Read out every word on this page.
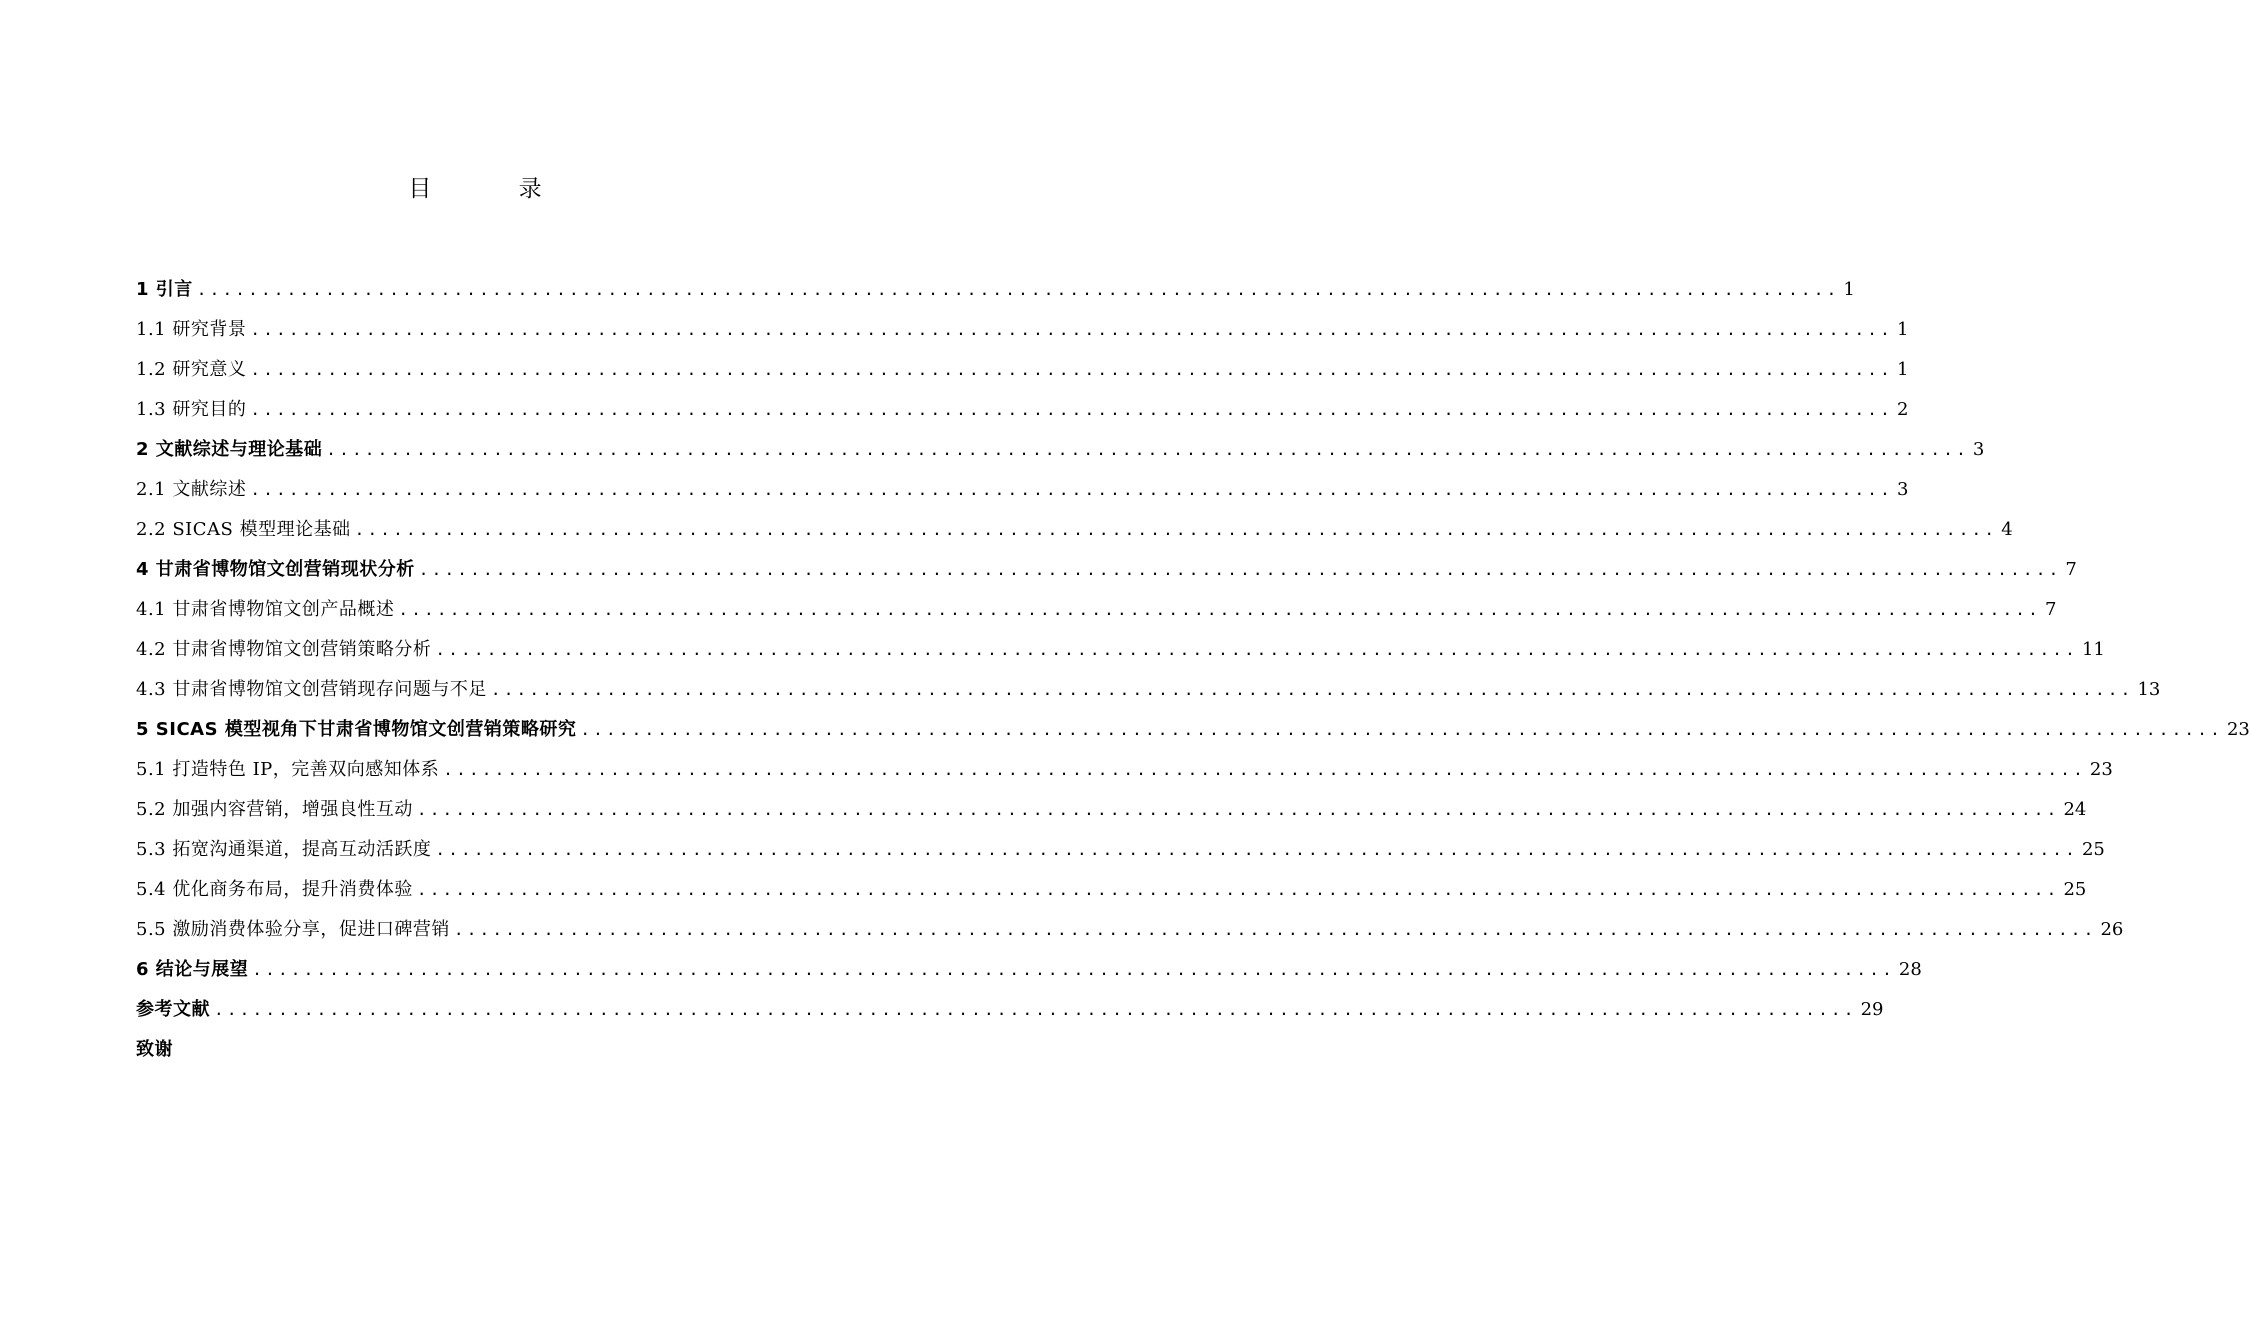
目 录
1 引言 ................................................................................................................................ 1
1.1 研究背景 ................................................................................................................................ 1
1.2 研究意义 ................................................................................................................................ 1
1.3 研究目的 ................................................................................................................................ 2
2 文献综述与理论基础 ................................................................................................................................ 3
2.1 文献综述 ................................................................................................................................ 3
2.2 SICAS 模型理论基础 ................................................................................................................................ 4
4 甘肃省博物馆文创营销现状分析 ................................................................................................................................ 7
4.1 甘肃省博物馆文创产品概述 ................................................................................................................................ 7
4.2 甘肃省博物馆文创营销策略分析 ................................................................................................................................ 11
4.3 甘肃省博物馆文创营销现存问题与不足 ................................................................................................................................ 13
5 SICAS 模型视角下甘肃省博物馆文创营销策略研究 ................................................................................................................................ 23
5.1 打造特色 IP，完善双向感知体系 ................................................................................................................................ 23
5.2 加强内容营销，增强良性互动 ................................................................................................................................ 24
5.3 拓宽沟通渠道，提高互动活跃度 ................................................................................................................................ 25
5.4 优化商务布局，提升消费体验 ................................................................................................................................ 25
5.5 激励消费体验分享，促进口碑营销 ................................................................................................................................ 26
6 结论与展望 ................................................................................................................................ 28
参考文献 ................................................................................................................................ 29
致谢
